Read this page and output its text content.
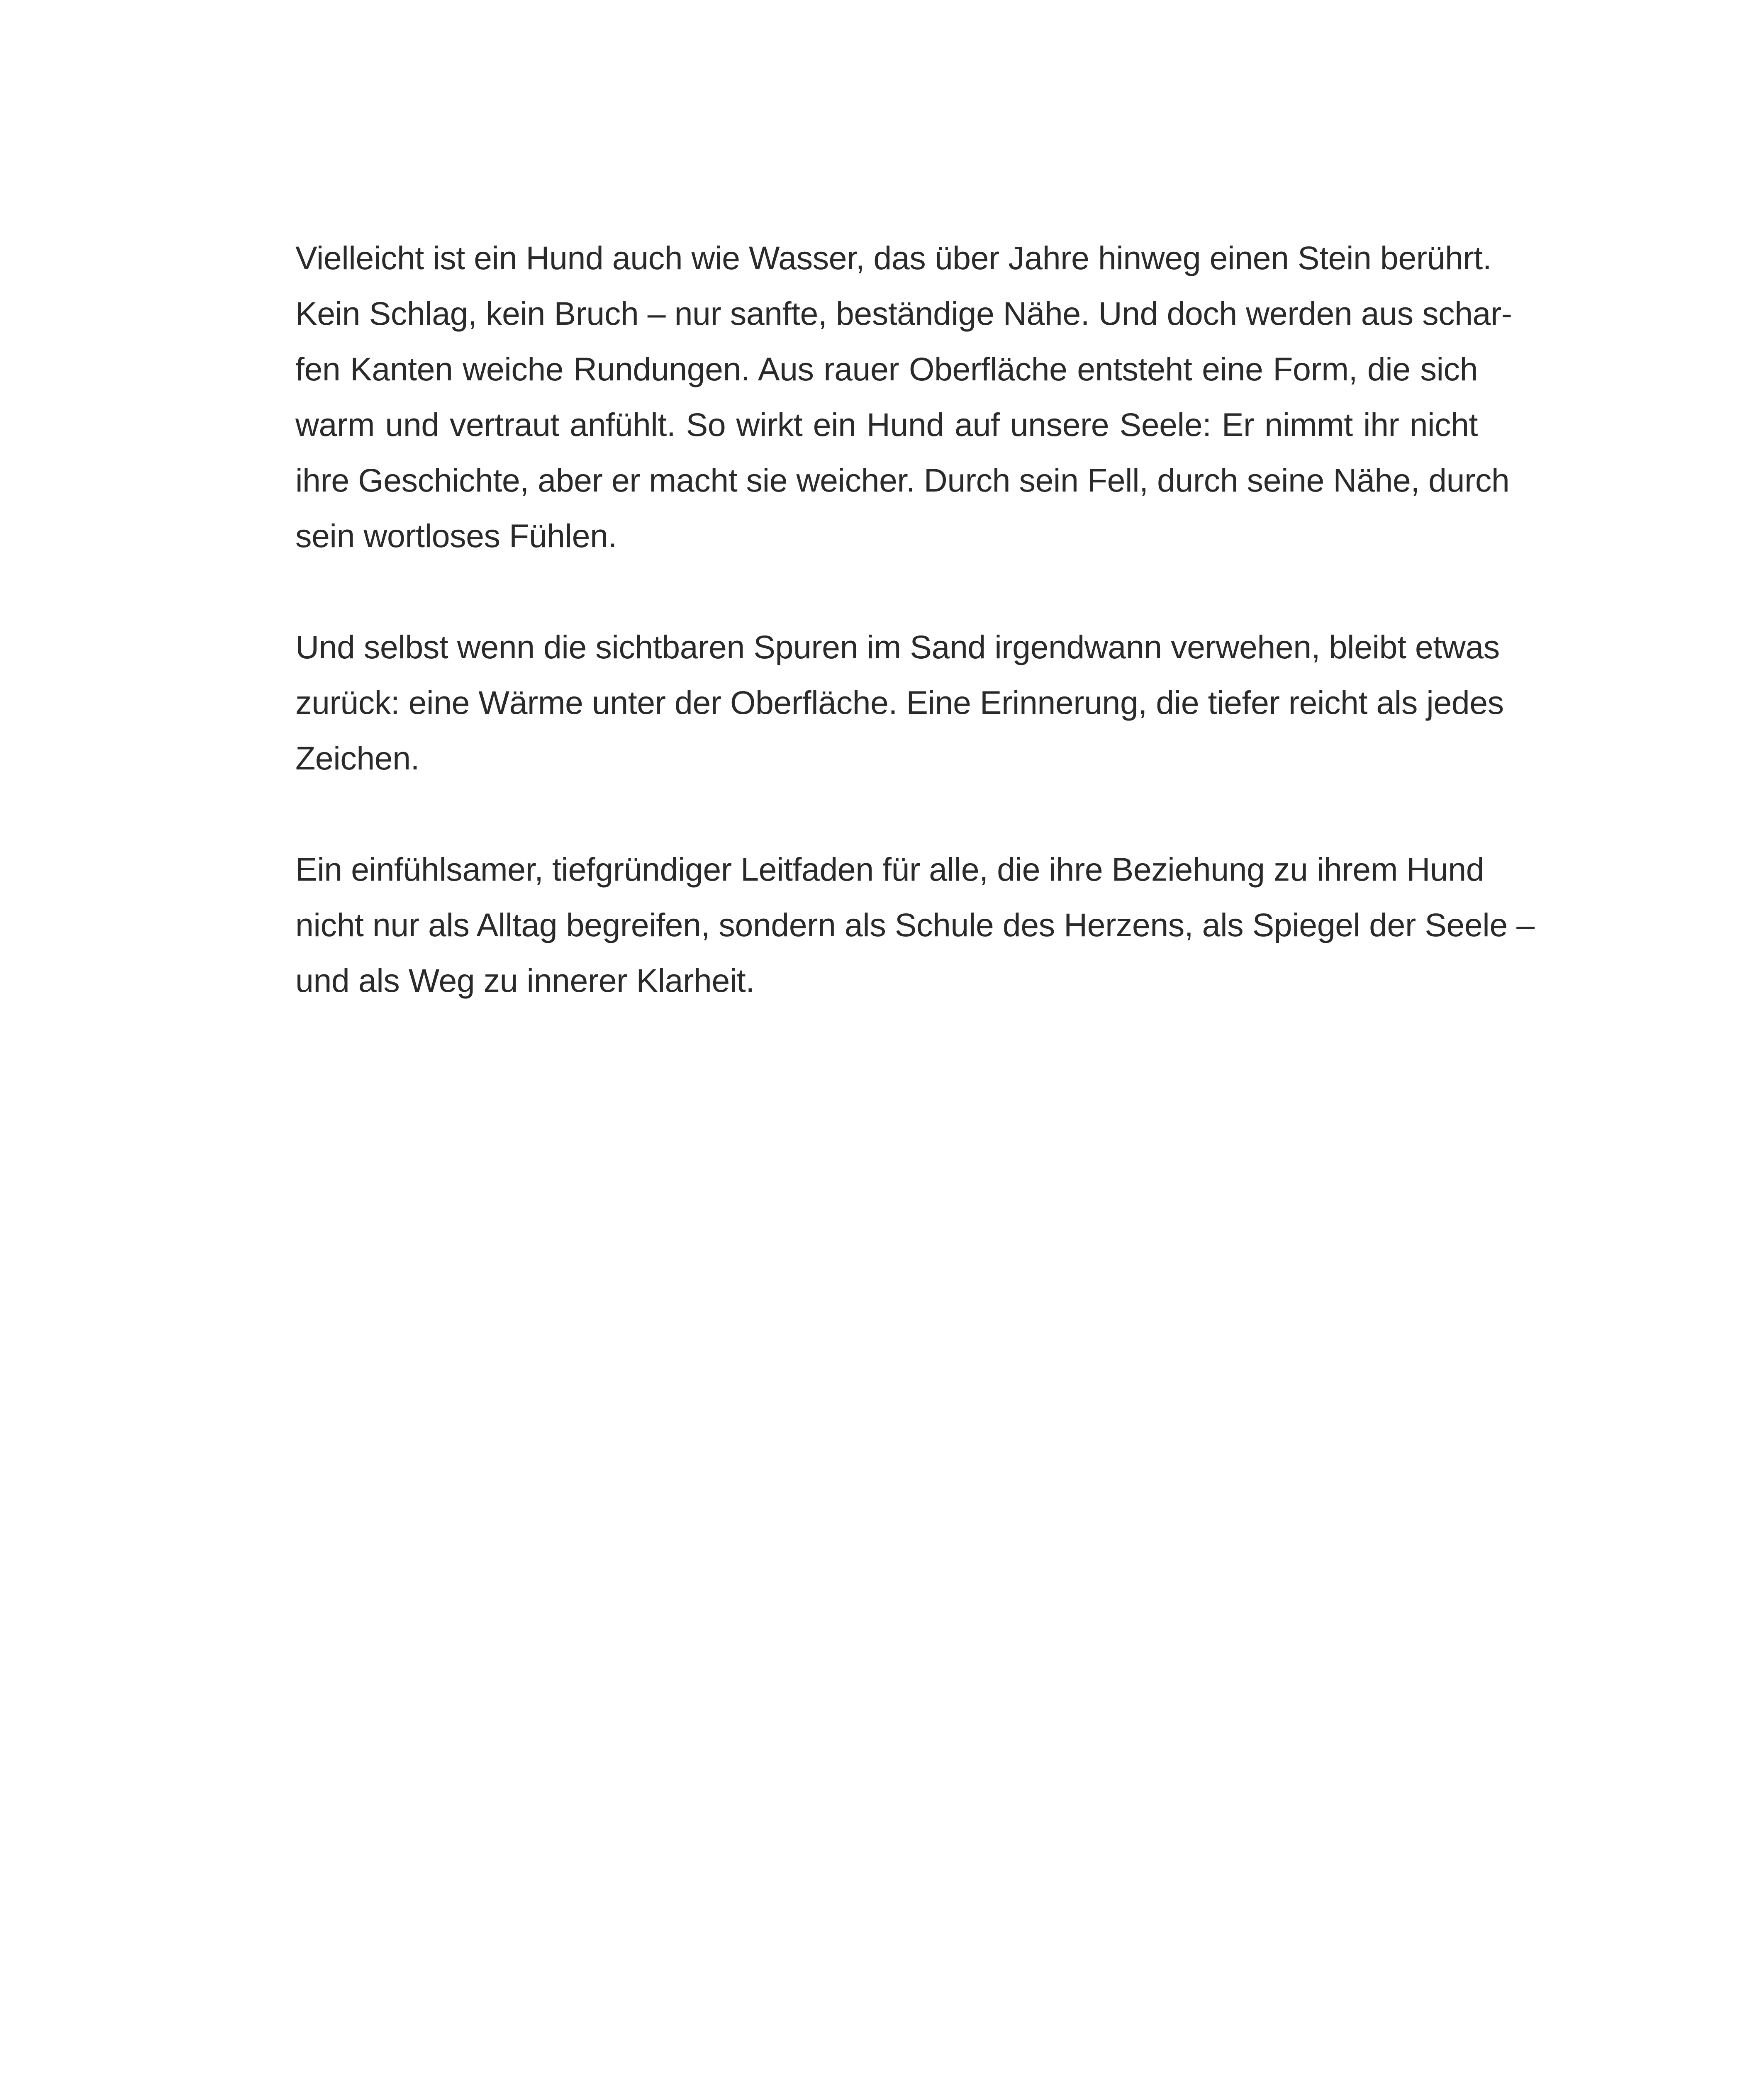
Vielleicht ist ein Hund auch wie Wasser, das über Jahre hinweg einen Stein berührt.
Kein Schlag, kein Bruch – nur sanfte, beständige Nähe. Und doch werden aus schar-
fen Kanten weiche Rundungen. Aus rauer Oberfläche entsteht eine Form, die sich
warm und vertraut anfühlt. So wirkt ein Hund auf unsere Seele: Er nimmt ihr nicht
ihre Geschichte, aber er macht sie weicher. Durch sein Fell, durch seine Nähe, durch
sein wortloses Fühlen.

Und selbst wenn die sichtbaren Spuren im Sand irgendwann verwehen, bleibt etwas
zurück: eine Wärme unter der Oberfläche. Eine Erinnerung, die tiefer reicht als jedes
Zeichen.

Ein einfühlsamer, tiefgründiger Leitfaden für alle, die ihre Beziehung zu ihrem Hund
nicht nur als Alltag begreifen, sondern als Schule des Herzens, als Spiegel der Seele –
und als Weg zu innerer Klarheit.
